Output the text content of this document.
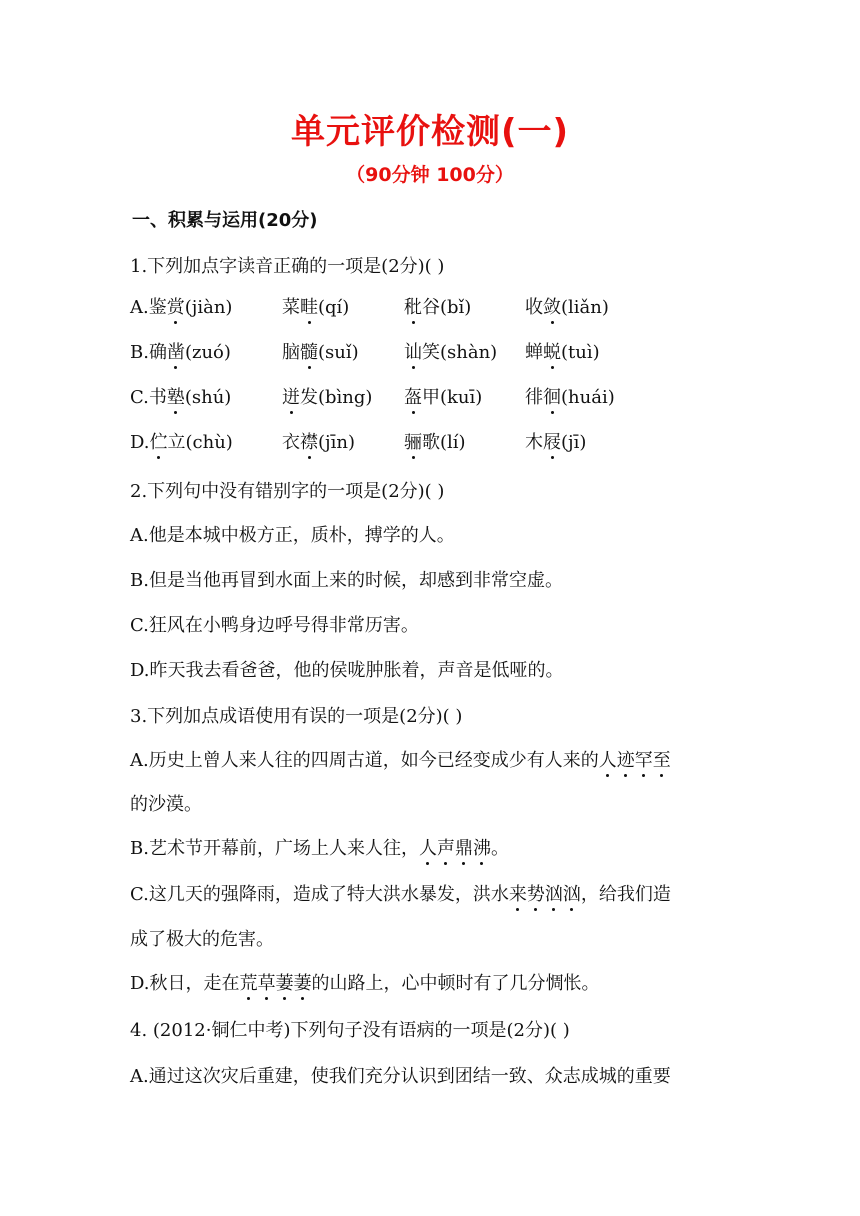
单元评价检测(一)
（90分钟 100分）
一、积累与运用(20分)
1.下列加点字读音正确的一项是(2分)( )
A.鉴赏(jiàn)	菜畦(qí)	秕谷(bǐ)	收敛(liǎn)
B.确凿(zuó)	脑髓(suǐ)	讪笑(shàn) 蝉蜕(tuì)
C.书塾(shú)	迸发(bìng) 盔甲(kuī) 徘徊(huái)
D.伫立(chù)	衣襟(jīn)	骊歌(lí)	木屐(jī)
2.下列句中没有错别字的一项是(2分)( )
A.他是本城中极方正，质朴，搏学的人。
B.但是当他再冒到水面上来的时候，却感到非常空虚。
C.狂风在小鸭身边呼号得非常历害。
D.昨天我去看爸爸，他的侯咙肿胀着，声音是低哑的。
3.下列加点成语使用有误的一项是(2分)( )
A.历史上曾人来人往的四周古道，如今已经变成少有人来的人迹罕至
的沙漠。
B.艺术节开幕前，广场上人来人往，人声鼎沸。
C.这几天的强降雨，造成了特大洪水暴发，洪水来势汹汹，给我们造
成了极大的危害。
D.秋日，走在荒草萋萋的山路上，心中顿时有了几分惆怅。
4. (2012·铜仁中考)下列句子没有语病的一项是(2分)( )
A.通过这次灾后重建，使我们充分认识到团结一致、众志成城的重要
